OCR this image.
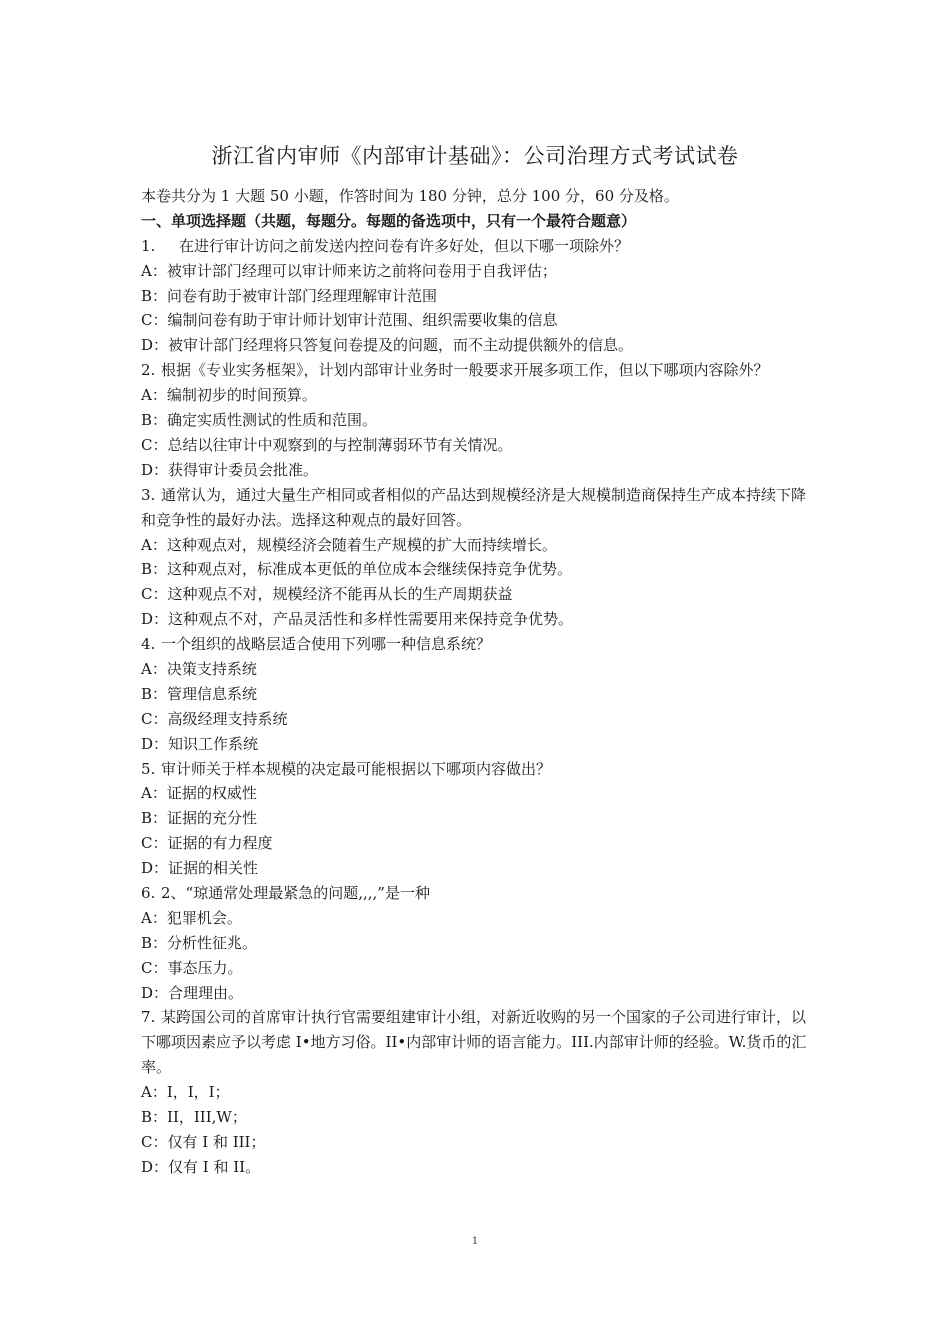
浙江省内审师《内部审计基础》：公司治理方式考试试卷
本卷共分为 1 大题 50 小题，作答时间为 180 分钟，总分 100 分，60 分及格。
一、单项选择题（共题，每题分。每题的备选项中，只有一个最符合题意）
1. 在进行审计访问之前发送内控问卷有许多好处，但以下哪一项除外？
A：被审计部门经理可以审计师来访之前将问卷用于自我评估；
B：问卷有助于被审计部门经理理解审计范围
C：编制问卷有助于审计师计划审计范围、组织需要收集的信息
D：被审计部门经理将只答复问卷提及的问题，而不主动提供额外的信息。
2. 根据《专业实务框架》，计划内部审计业务时一般要求开展多项工作，但以下哪项内容除外？
A：编制初步的时间预算。
B：确定实质性测试的性质和范围。
C：总结以往审计中观察到的与控制薄弱环节有关情况。
D：获得审计委员会批准。
3. 通常认为，通过大量生产相同或者相似的产品达到规模经济是大规模制造商保持生产成本持续下降和竞争性的最好办法。选择这种观点的最好回答。
A：这种观点对，规模经济会随着生产规模的扩大而持续增长。
B：这种观点对，标准成本更低的单位成本会继续保持竞争优势。
C：这种观点不对，规模经济不能再从长的生产周期获益
D：这种观点不对，产品灵活性和多样性需要用来保持竞争优势。
4. 一个组织的战略层适合使用下列哪一种信息系统？
A：决策支持系统
B：管理信息系统
C：高级经理支持系统
D：知识工作系统
5. 审计师关于样本规模的决定最可能根据以下哪项内容做出？
A：证据的权威性
B：证据的充分性
C：证据的有力程度
D：证据的相关性
6. 2、“琼通常处理最紧急的问题,,,,”是一种
A：犯罪机会。
B：分析性征兆。
C：事态压力。
D：合理理由。
7. 某跨国公司的首席审计执行官需要组建审计小组，对新近收购的另一个国家的子公司进行审计，以下哪项因素应予以考虑 I•地方习俗。II•内部审计师的语言能力。III.内部审计师的经验。W.货币的汇率。
A：I，I，I；
B：II，III,W；
C：仅有 I 和 III；
D：仅有 I 和 II。
1
